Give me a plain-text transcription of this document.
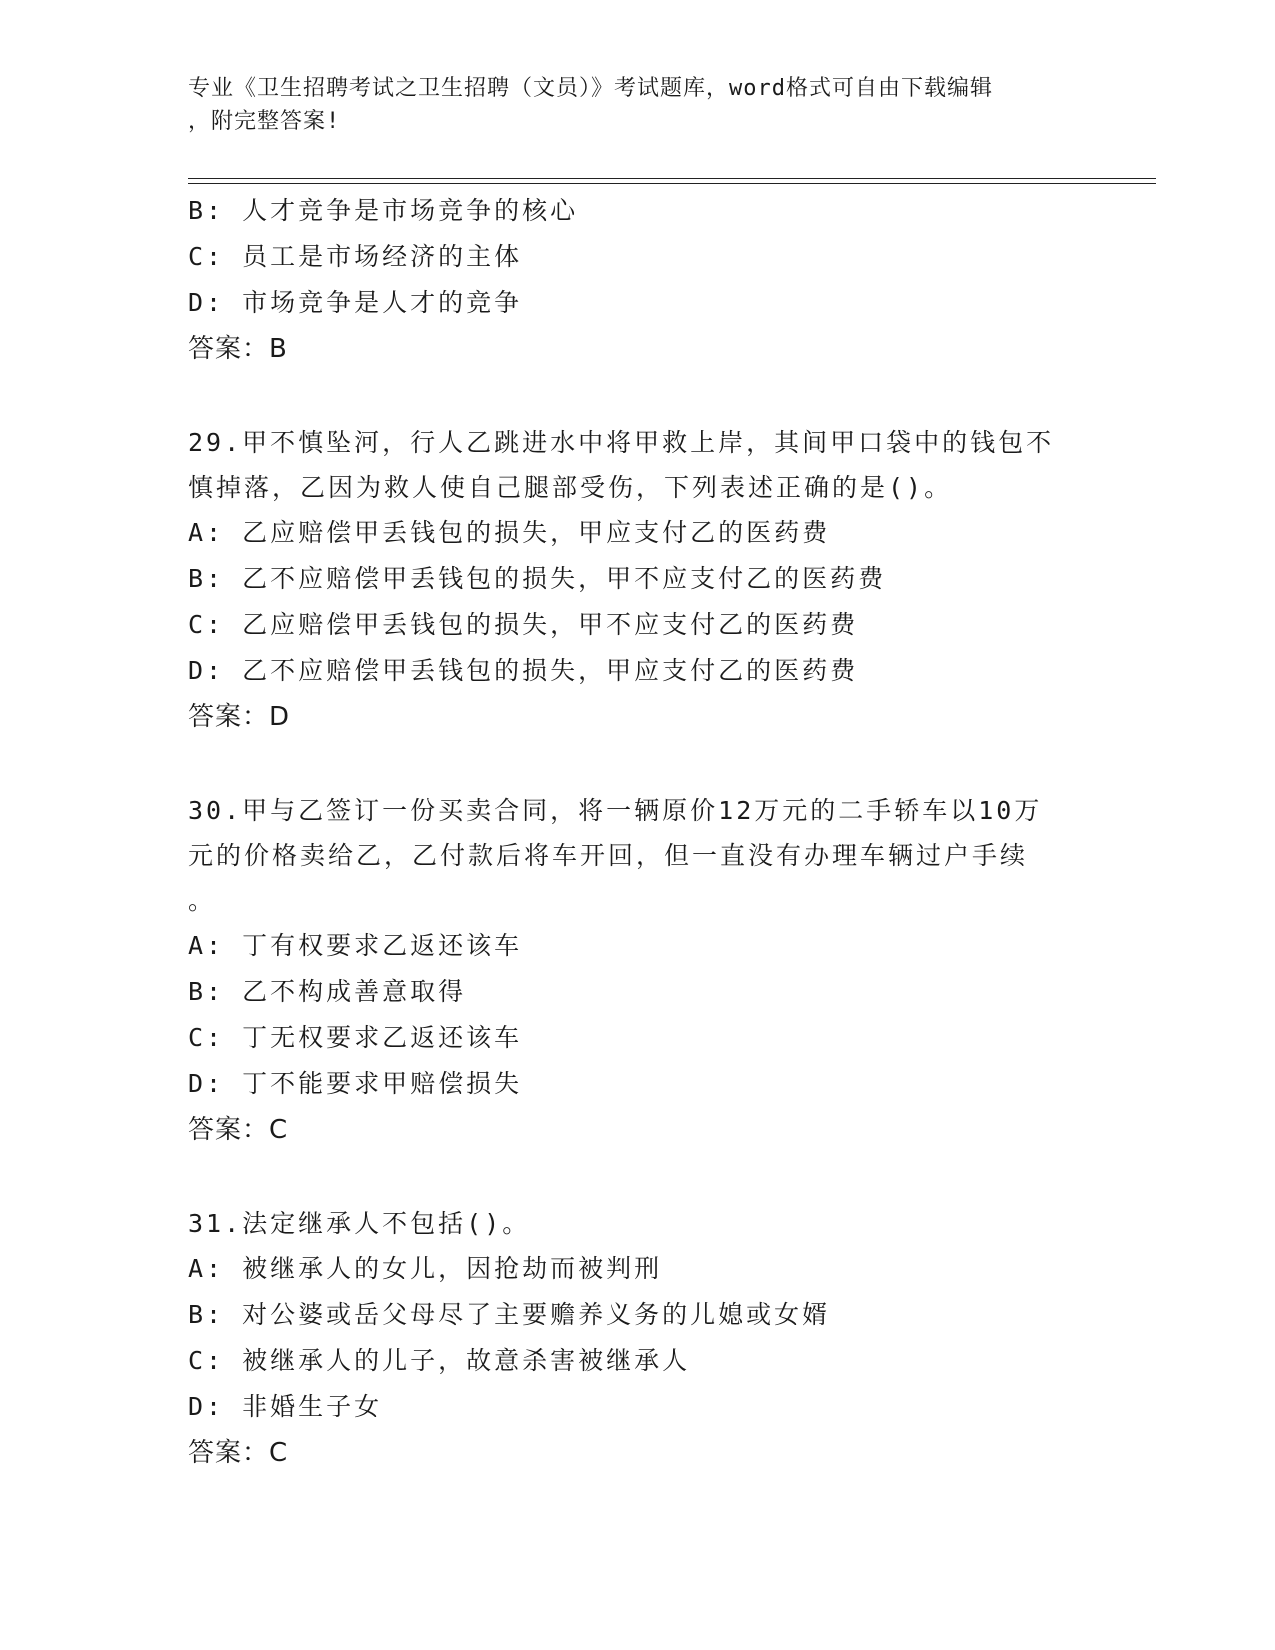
专业《卫生招聘考试之卫生招聘（文员）》考试题库，word格式可自由下载编辑
，附完整答案!
B: 人才竞争是市场竞争的核心
C: 员工是市场经济的主体
D: 市场竞争是人才的竞争
答案：B
29.甲不慎坠河，行人乙跳进水中将甲救上岸，其间甲口袋中的钱包不
慎掉落，乙因为救人使自己腿部受伤，下列表述正确的是()。
A: 乙应赔偿甲丢钱包的损失，甲应支付乙的医药费
B: 乙不应赔偿甲丢钱包的损失，甲不应支付乙的医药费
C: 乙应赔偿甲丢钱包的损失，甲不应支付乙的医药费
D: 乙不应赔偿甲丢钱包的损失，甲应支付乙的医药费
答案：D
30.甲与乙签订一份买卖合同，将一辆原价12万元的二手轿车以10万
元的价格卖给乙，乙付款后将车开回，但一直没有办理车辆过户手续
。
A: 丁有权要求乙返还该车
B: 乙不构成善意取得
C: 丁无权要求乙返还该车
D: 丁不能要求甲赔偿损失
答案：C
31.法定继承人不包括()。
A: 被继承人的女儿，因抢劫而被判刑
B: 对公婆或岳父母尽了主要赡养义务的儿媳或女婿
C: 被继承人的儿子，故意杀害被继承人
D: 非婚生子女
答案：C
